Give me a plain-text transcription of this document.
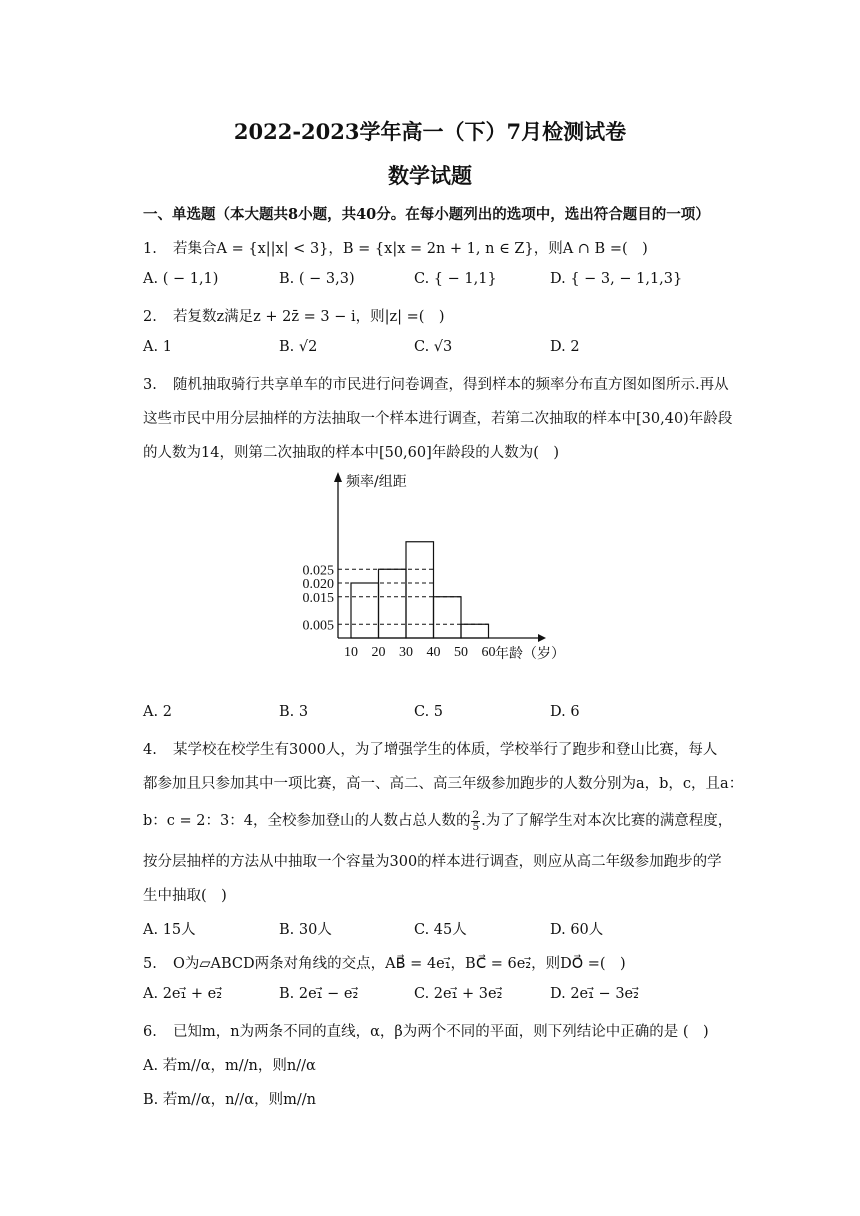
2022-2023学年高一（下）7月检测试卷
数学试题
一、单选题（本大题共8小题，共40分。在每小题列出的选项中，选出符合题目的一项）
1. 若集合A = {x||x| < 3}，B = {x|x = 2n + 1, n ∈ Z}，则A ∩ B =(　)
A. ( − 1,1)	B. ( − 3,3)	C. { − 1,1}	D. { − 3, − 1,1,3}
2. 若复数z满足z + 2z̄ = 3 − i，则|z| =(　)
A. 1	B. √2	C. √3	D. 2
3. 随机抽取骑行共享单车的市民进行问卷调查，得到样本的频率分布直方图如图所示.再从
这些市民中用分层抽样的方法抽取一个样本进行调查，若第二次抽取的样本中[30,40)年龄段
的人数为14，则第二次抽取的样本中[50,60]年龄段的人数为(　)
0.025
0.020
0.015
0.005
10 20 30 40 50 60
频率/组距
年龄（岁）
A. 2	B. 3	C. 5	D. 6
4. 某学校在校学生有3000人，为了增强学生的体质，学校举行了跑步和登山比赛，每人
都参加且只参加其中一项比赛，高一、高二、高三年级参加跑步的人数分别为a，b，c，且a：
b：c = 2：3：4，全校参加登山的人数占总人数的 $\frac{2}{5}$ .为了了解学生对本次比赛的满意程度，
按分层抽样的方法从中抽取一个容量为300的样本进行调查，则应从高二年级参加跑步的学
生中抽取(　)
A. 15人	B. 30人	C. 45人	D. 60人
5. O为▱ABCD两条对角线的交点，AB⃗ = 4e₁⃗，BC⃗ = 6e₂⃗，则DO⃗ =(　)
A. 2e₁⃗ + e₂⃗	B. 2e₁⃗ − e₂⃗	C. 2e₁⃗ + 3e₂⃗	D. 2e₁⃗ − 3e₂⃗
6. 已知m，n为两条不同的直线，α，β为两个不同的平面，则下列结论中正确的是 (　)
A. 若m//α，m//n，则n//α
B. 若m//α，n//α，则m//n
